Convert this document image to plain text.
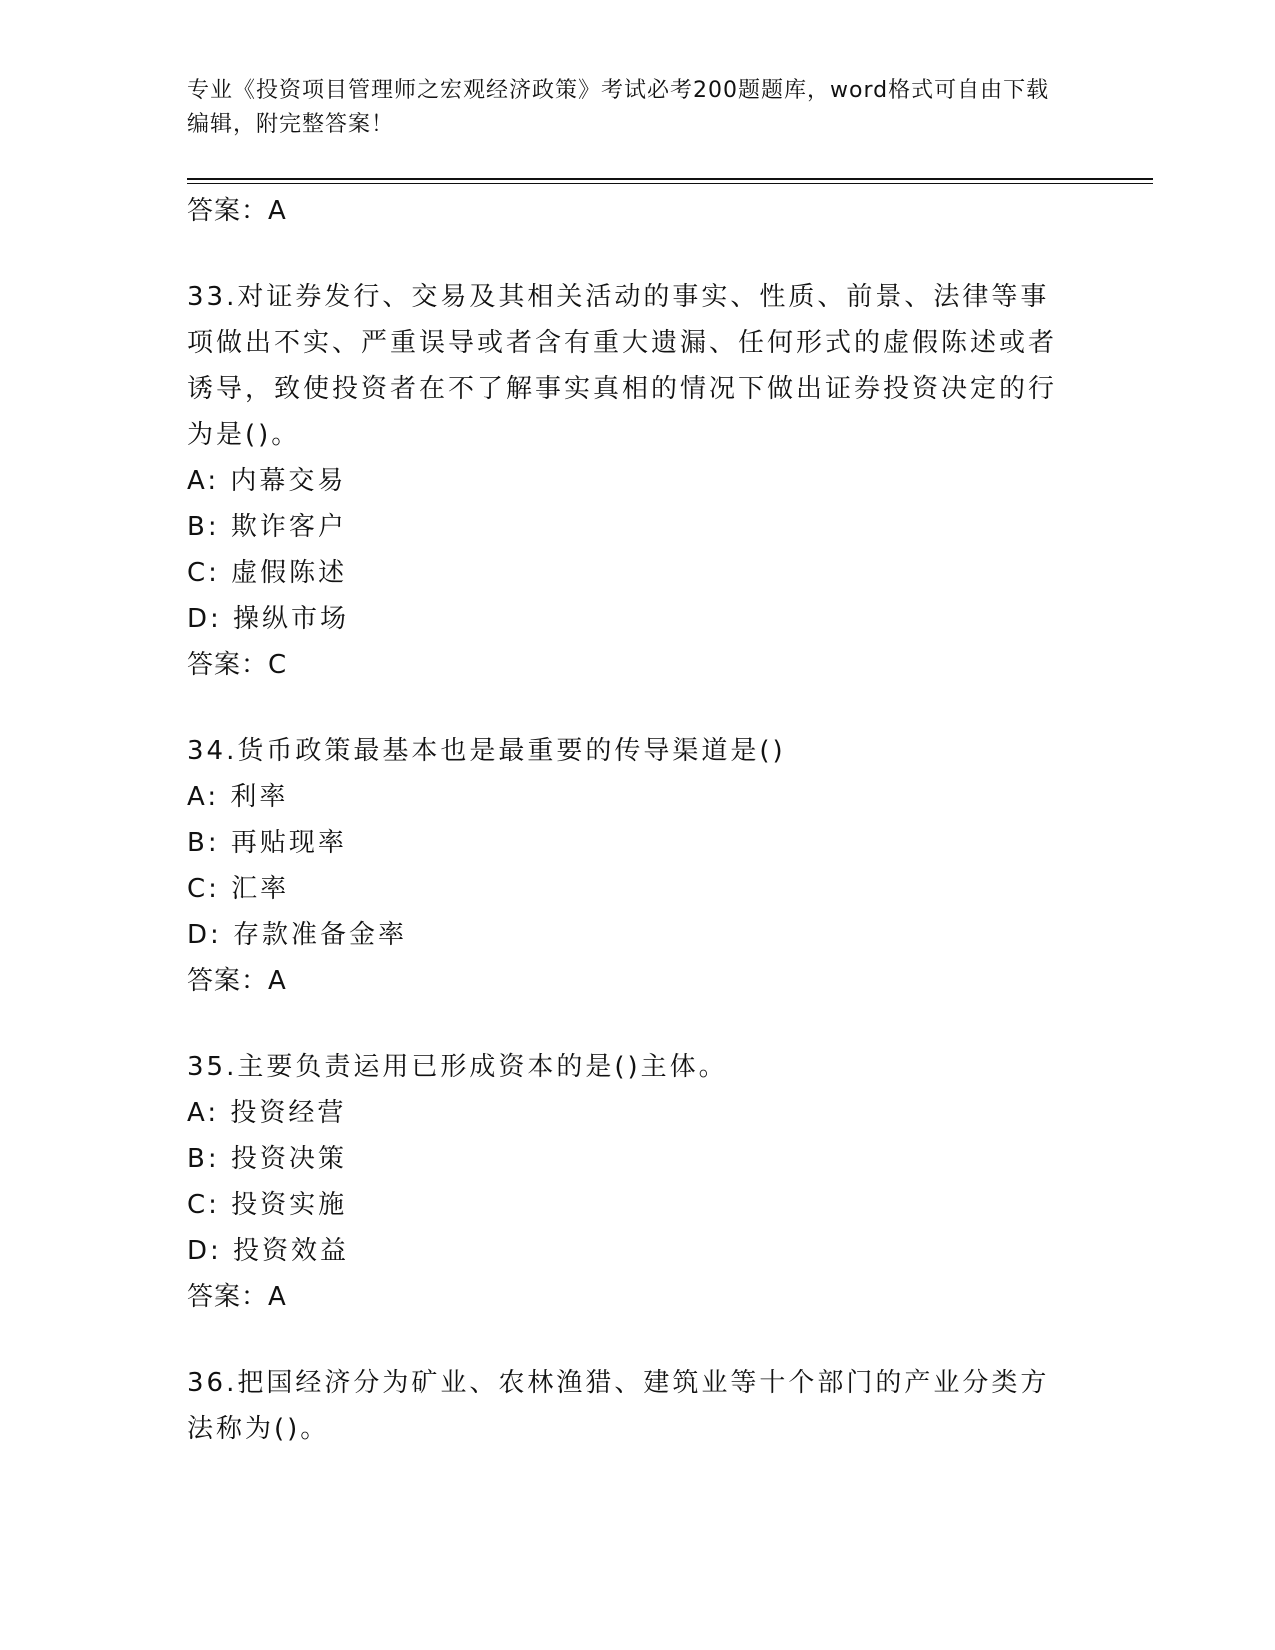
专业《投资项目管理师之宏观经济政策》考试必考200题题库，word格式可自由下载编辑，附完整答案！
答案：A
33.对证券发行、交易及其相关活动的事实、性质、前景、法律等事项做出不实、严重误导或者含有重大遗漏、任何形式的虚假陈述或者诱导，致使投资者在不了解事实真相的情况下做出证券投资决定的行为是()。
A: 内幕交易
B: 欺诈客户
C: 虚假陈述
D: 操纵市场
答案：C
34.货币政策最基本也是最重要的传导渠道是()
A: 利率
B: 再贴现率
C: 汇率
D: 存款准备金率
答案：A
35.主要负责运用已形成资本的是()主体。
A: 投资经营
B: 投资决策
C: 投资实施
D: 投资效益
答案：A
36.把国经济分为矿业、农林渔猎、建筑业等十个部门的产业分类方法称为()。
